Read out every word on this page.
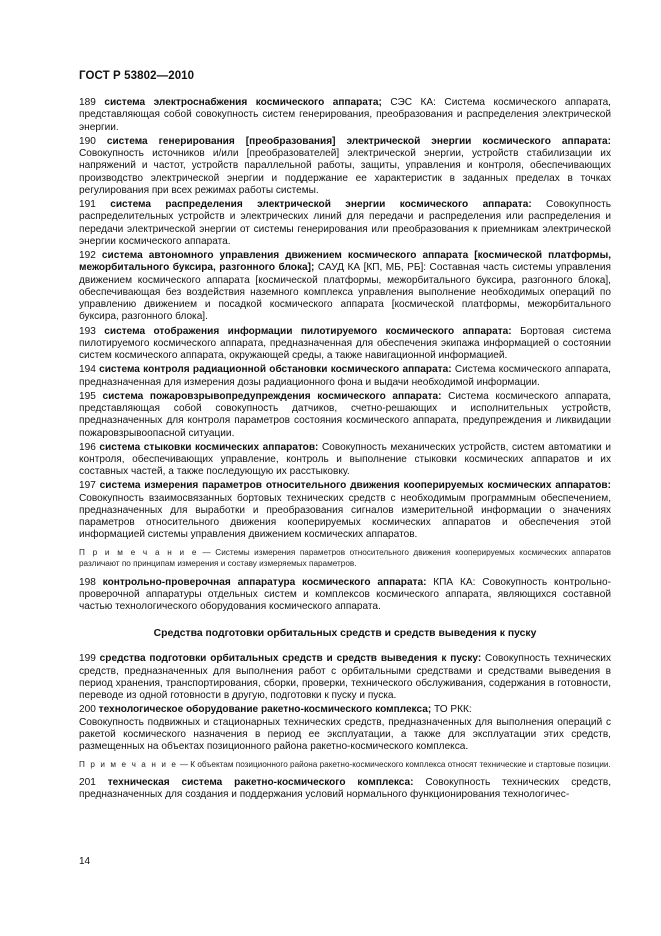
ГОСТ Р 53802—2010

189 система электроснабжения космического аппарата; СЭС КА: Система космического аппарата, представляющая собой совокупность систем генерирования, преобразования и распределения электрической энергии.

190 система генерирования [преобразования] электрической энергии космического аппарата: Совокупность источников и/или [преобразователей] электрической энергии, устройств стабилизации их напряжений и частот, устройств параллельной работы, защиты, управления и контроля, обеспечивающих производство электрической энергии и поддержание ее характеристик в заданных пределах в точках регулирования при всех режимах работы системы.

191 система распределения электрической энергии космического аппарата: Совокупность распределительных устройств и электрических линий для передачи и распределения или распределения и передачи электрической энергии от системы генерирования или преобразования к приемникам электрической энергии космического аппарата.

192 система автономного управления движением космического аппарата [космической платформы, межорбитального буксира, разгонного блока]; САУД КА [КП, МБ, РБ]: Составная часть системы управления движением космического аппарата [космической платформы, межорбитального буксира, разгонного блока], обеспечивающая без воздействия наземного комплекса управления выполнение необходимых операций по управлению движением и посадкой космического аппарата [космической платформы, межорбитального буксира, разгонного блока].

193 система отображения информации пилотируемого космического аппарата: Бортовая система пилотируемого космического аппарата, предназначенная для обеспечения экипажа информацией о состоянии систем космического аппарата, окружающей среды, а также навигационной информацией.

194 система контроля радиационной обстановки космического аппарата: Система космического аппарата, предназначенная для измерения дозы радиационного фона и выдачи необходимой информации.

195 система пожаровзрывопредупреждения космического аппарата: Система космического аппарата, представляющая собой совокупность датчиков, счетно-решающих и исполнительных устройств, предназначенных для контроля параметров состояния космического аппарата, предупреждения и ликвидации пожаровзрывоопасной ситуации.

196 система стыковки космических аппаратов: Совокупность механических устройств, систем автоматики и контроля, обеспечивающих управление, контроль и выполнение стыковки космических аппаратов и их составных частей, а также последующую их расстыковку.

197 система измерения параметров относительного движения кооперируемых космических аппаратов: Совокупность взаимосвязанных бортовых технических средств с необходимым программным обеспечением, предназначенных для выработки и преобразования сигналов измерительной информации о значениях параметров относительного движения кооперируемых космических аппаратов и обеспечения этой информацией системы управления движением космических аппаратов.

П р и м е ч а н и е — Системы измерения параметров относительного движения кооперируемых космических аппаратов различают по принципам измерения и составу измеряемых параметров.

198 контрольно-проверочная аппаратура космического аппарата: КПА КА: Совокупность контрольно-проверочной аппаратуры отдельных систем и комплексов космического аппарата, являющихся составной частью технологического оборудования космического аппарата.

Средства подготовки орбитальных средств и средств выведения к пуску

199 средства подготовки орбитальных средств и средств выведения к пуску: Совокупность технических средств, предназначенных для выполнения работ с орбитальными средствами и средствами выведения в период хранения, транспортирования, сборки, проверки, технического обслуживания, содержания в готовности, переводе из одной готовности в другую, подготовки к пуску и пуска.

200 технологическое оборудование ракетно-космического комплекса; ТО РКК:

Совокупность подвижных и стационарных технических средств, предназначенных для выполнения операций с ракетой космического назначения в период ее эксплуатации, а также для эксплуатации этих средств, размещенных на объектах позиционного района ракетно-космического комплекса.

П р и м е ч а н и е — К объектам позиционного района ракетно-космического комплекса относят технические и стартовые позиции.

201 техническая система ракетно-космического комплекса: Совокупность технических средств, предназначенных для создания и поддержания условий нормального функционирования технологичес-

14
